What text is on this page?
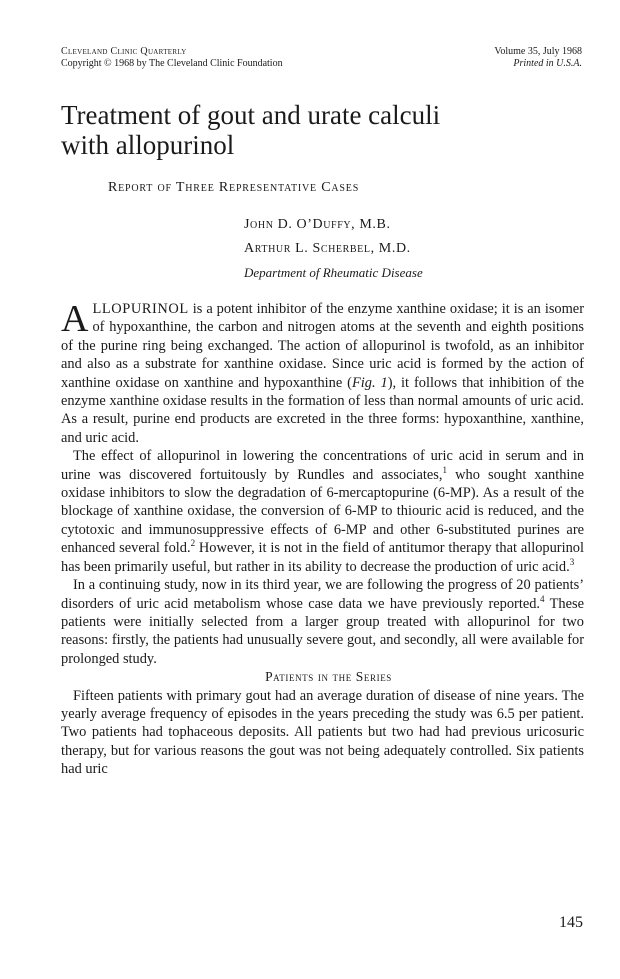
Cleveland Clinic Quarterly
Copyright © 1968 by The Cleveland Clinic Foundation
Volume 35, July 1968
Printed in U.S.A.
Treatment of gout and urate calculi
with allopurinol
Report of Three Representative Cases
John D. O’Duffy, M.B.
Arthur L. Scherbel, M.D.
Department of Rheumatic Disease

ALLOPURINOL is a potent inhibitor of the enzyme xanthine oxidase; it is an isomer of hypoxanthine, the carbon and nitrogen atoms at the seventh and eighth positions of the purine ring being exchanged. The action of allopurinol is twofold, as an inhibitor and also as a substrate for xanthine oxidase. Since uric acid is formed by the action of xanthine oxidase on xanthine and hypoxanthine (Fig. 1), it follows that inhibition of the enzyme xanthine oxidase results in the formation of less than normal amounts of uric acid. As a result, purine end products are excreted in the three forms: hypoxanthine, xanthine, and uric acid.

The effect of allopurinol in lowering the concentrations of uric acid in serum and in urine was discovered fortuitously by Rundles and associates,$^1$ who sought xanthine oxidase inhibitors to slow the degradation of 6-mercaptopurine (6-MP). As a result of the blockage of xanthine oxidase, the conversion of 6-MP to thiouric acid is reduced, and the cytotoxic and immunosuppressive effects of 6-MP and other 6-substituted purines are enhanced several fold.$^2$ However, it is not in the field of antitumor therapy that allopurinol has been primarily useful, but rather in its ability to decrease the production of uric acid.$^3$

In a continuing study, now in its third year, we are following the progress of 20 patients’ disorders of uric acid metabolism whose case data we have previously reported.$^4$ These patients were initially selected from a larger group treated with allopurinol for two reasons: firstly, the patients had unusually severe gout, and secondly, all were available for prolonged study.

Patients in the Series

Fifteen patients with primary gout had an average duration of disease of nine years. The yearly average frequency of episodes in the years preceding the study was 6.5 per patient. Two patients had tophaceous deposits. All patients but two had had previous uricosuric therapy, but for various reasons the gout was not being adequately controlled. Six patients had uric

145
